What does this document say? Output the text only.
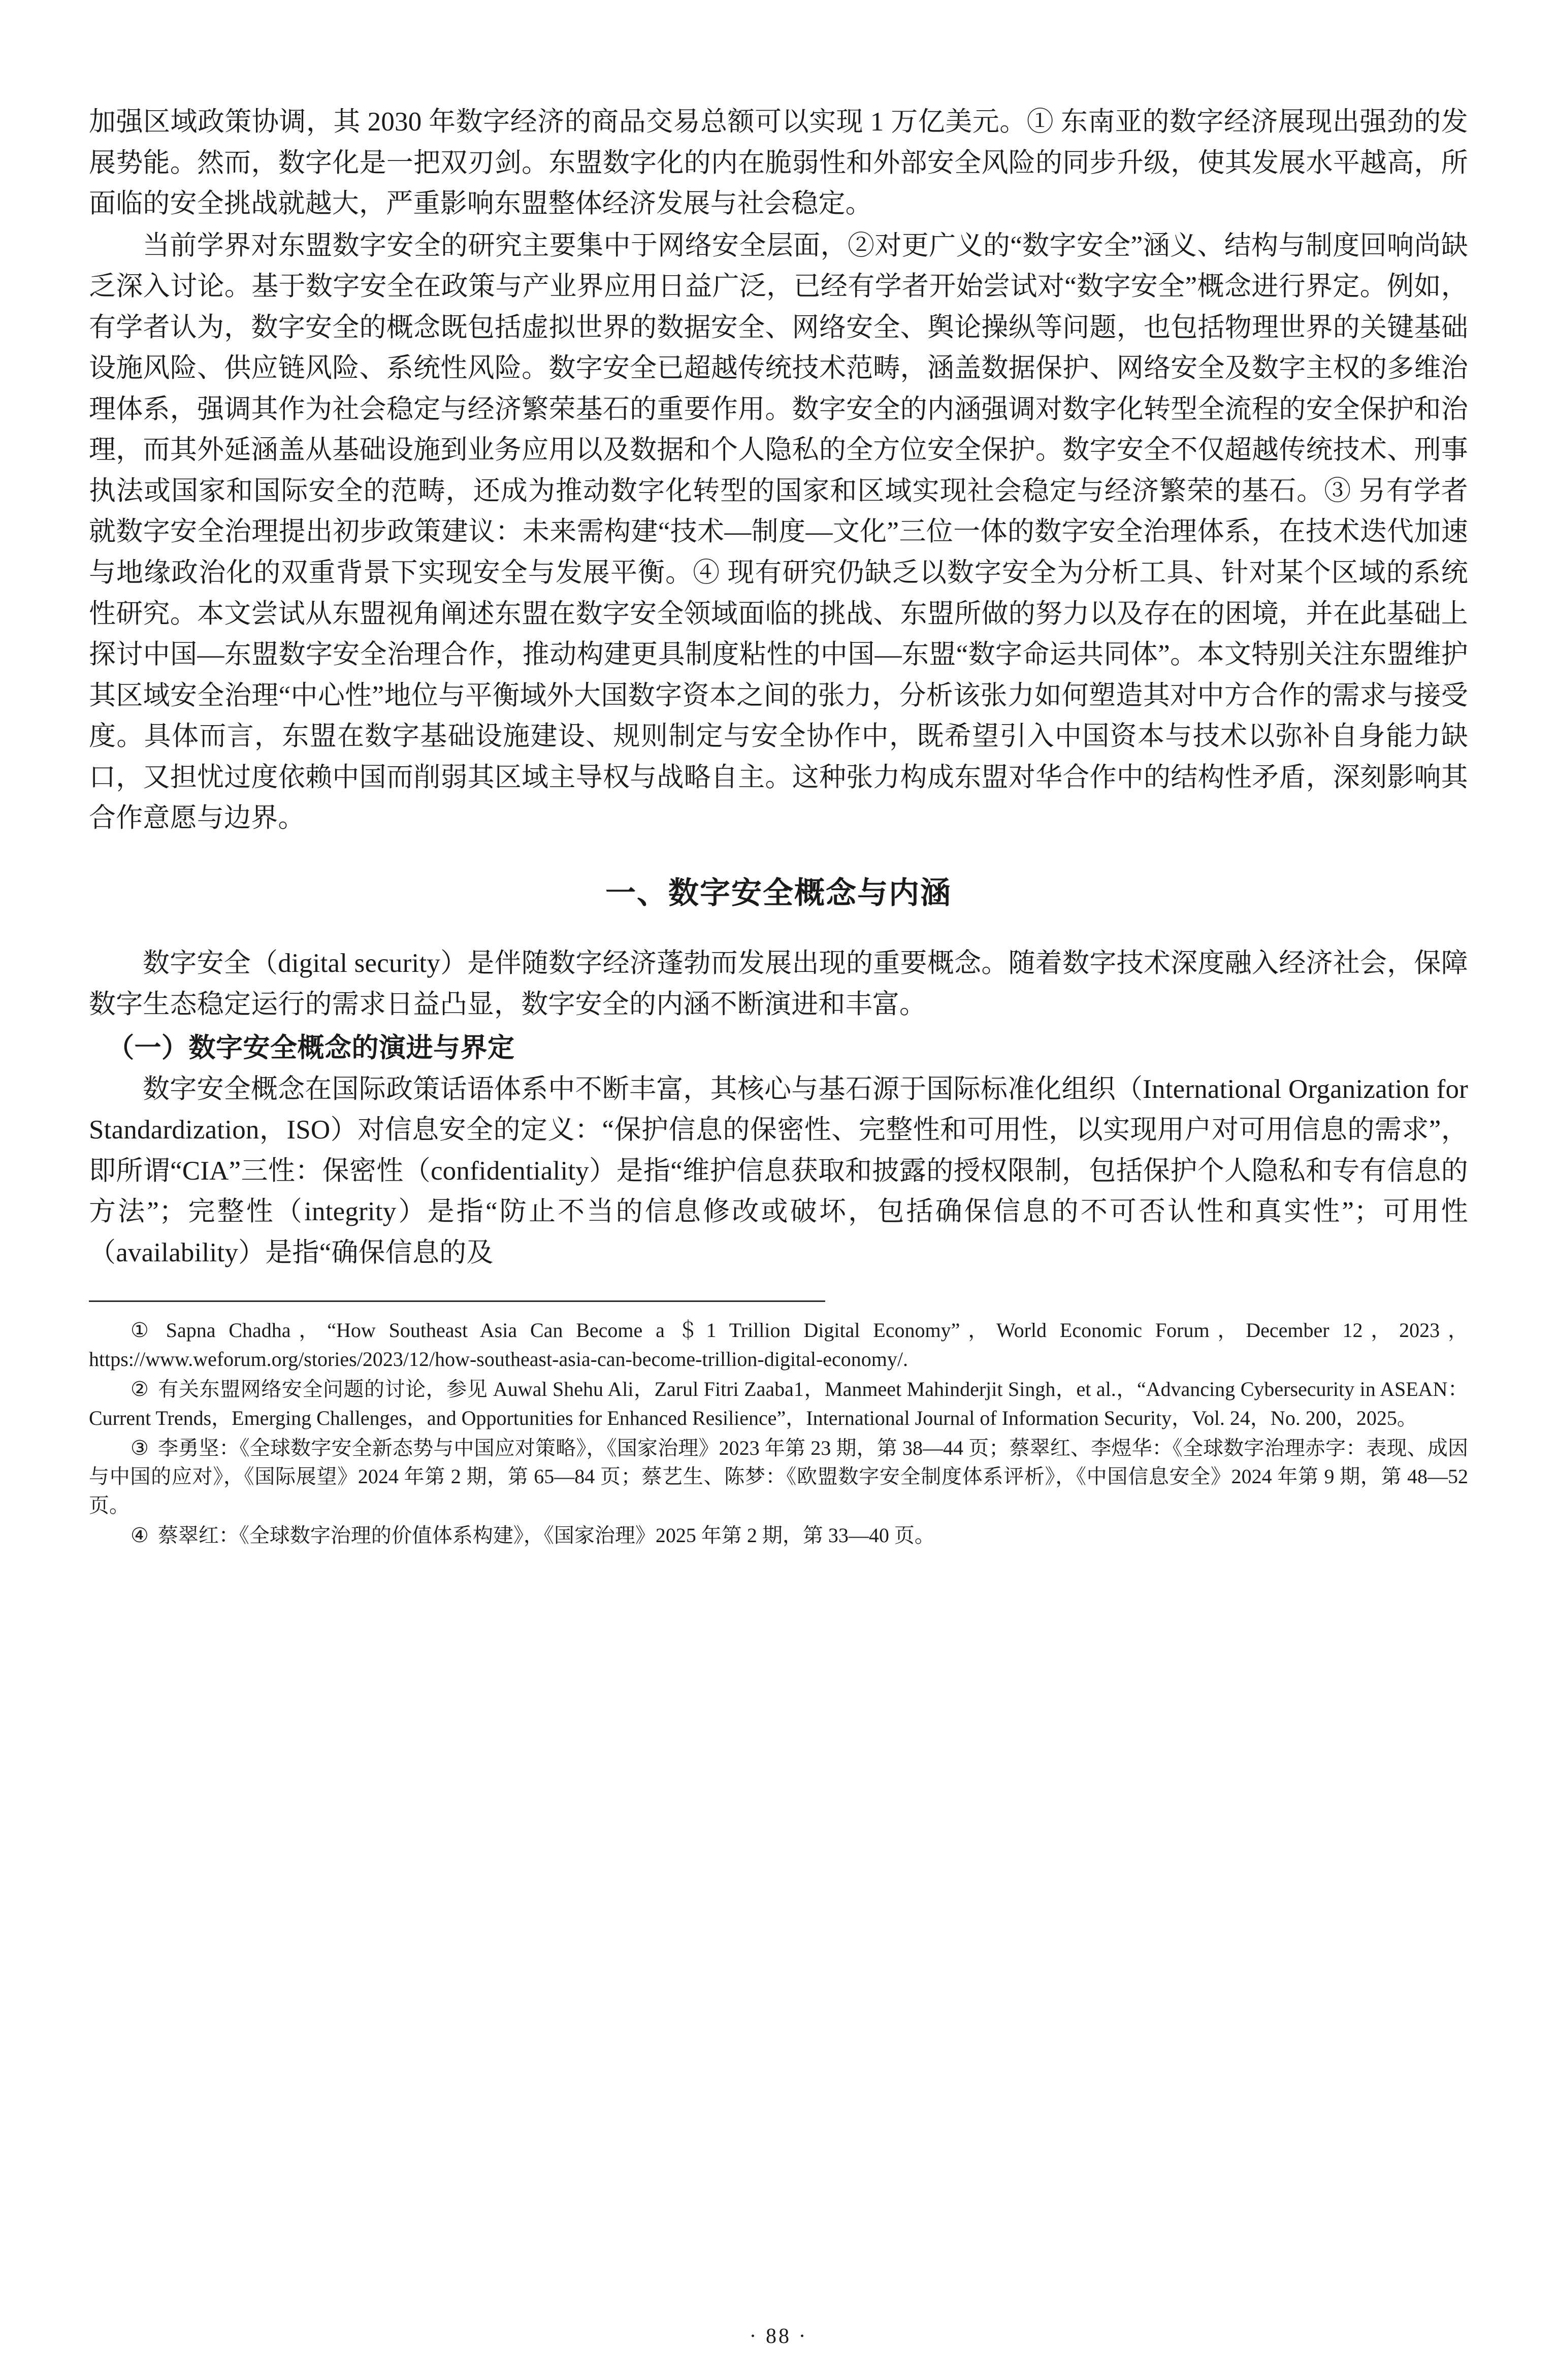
加强区域政策协调，其 2030 年数字经济的商品交易总额可以实现 1 万亿美元。① 东南亚的数字经济展现出强劲的发展势能。然而，数字化是一把双刃剑。东盟数字化的内在脆弱性和外部安全风险的同步升级，使其发展水平越高，所面临的安全挑战就越大，严重影响东盟整体经济发展与社会稳定。

当前学界对东盟数字安全的研究主要集中于网络安全层面，②对更广义的“数字安全”涵义、结构与制度回响尚缺乏深入讨论。基于数字安全在政策与产业界应用日益广泛，已经有学者开始尝试对“数字安全”概念进行界定。例如，有学者认为，数字安全的概念既包括虚拟世界的数据安全、网络安全、舆论操纵等问题，也包括物理世界的关键基础设施风险、供应链风险、系统性风险。数字安全已超越传统技术范畴，涵盖数据保护、网络安全及数字主权的多维治理体系，强调其作为社会稳定与经济繁荣基石的重要作用。数字安全的内涵强调对数字化转型全流程的安全保护和治理，而其外延涵盖从基础设施到业务应用以及数据和个人隐私的全方位安全保护。数字安全不仅超越传统技术、刑事执法或国家和国际安全的范畴，还成为推动数字化转型的国家和区域实现社会稳定与经济繁荣的基石。③ 另有学者就数字安全治理提出初步政策建议：未来需构建“技术—制度—文化”三位一体的数字安全治理体系，在技术迭代加速与地缘政治化的双重背景下实现安全与发展平衡。④ 现有研究仍缺乏以数字安全为分析工具、针对某个区域的系统性研究。本文尝试从东盟视角阐述东盟在数字安全领域面临的挑战、东盟所做的努力以及存在的困境，并在此基础上探讨中国—东盟数字安全治理合作，推动构建更具制度粘性的中国—东盟“数字命运共同体”。本文特别关注东盟维护其区域安全治理“中心性”地位与平衡域外大国数字资本之间的张力，分析该张力如何塑造其对中方合作的需求与接受度。具体而言，东盟在数字基础设施建设、规则制定与安全协作中，既希望引入中国资本与技术以弥补自身能力缺口，又担忧过度依赖中国而削弱其区域主导权与战略自主。这种张力构成东盟对华合作中的结构性矛盾，深刻影响其合作意愿与边界。

一、数字安全概念与内涵

数字安全（digital security）是伴随数字经济蓬勃而发展出现的重要概念。随着数字技术深度融入经济社会，保障数字生态稳定运行的需求日益凸显，数字安全的内涵不断演进和丰富。

（一）数字安全概念的演进与界定

数字安全概念在国际政策话语体系中不断丰富，其核心与基石源于国际标准化组织（International Organization for Standardization，ISO）对信息安全的定义：“保护信息的保密性、完整性和可用性，以实现用户对可用信息的需求”，即所谓“CIA”三性：保密性（confidentiality）是指“维护信息获取和披露的授权限制，包括保护个人隐私和专有信息的方法”；完整性（integrity）是指“防止不当的信息修改或破坏，包括确保信息的不可否认性和真实性”；可用性（availability）是指“确保信息的及

① Sapna Chadha，“How Southeast Asia Can Become a ＄1 Trillion Digital Economy”，World Economic Forum，December 12，2023，https://www.weforum.org/stories/2023/12/how-southeast-asia-can-become-trillion-digital-economy/.

② 有关东盟网络安全问题的讨论，参见 Auwal Shehu Ali，Zarul Fitri Zaaba1，Manmeet Mahinderjit Singh，et al.，“Advancing Cybersecurity in ASEAN：Current Trends，Emerging Challenges，and Opportunities for Enhanced Resilience”，International Journal of Information Security，Vol. 24，No. 200，2025。

③ 李勇坚：《全球数字安全新态势与中国应对策略》，《国家治理》2023 年第 23 期，第 38—44 页；蔡翠红、李煜华：《全球数字治理赤字：表现、成因与中国的应对》，《国际展望》2024 年第 2 期，第 65—84 页；蔡艺生、陈梦：《欧盟数字安全制度体系评析》，《中国信息安全》2024 年第 9 期，第 48—52 页。

④ 蔡翠红：《全球数字治理的价值体系构建》，《国家治理》2025 年第 2 期，第 33—40 页。

· 88 ·
